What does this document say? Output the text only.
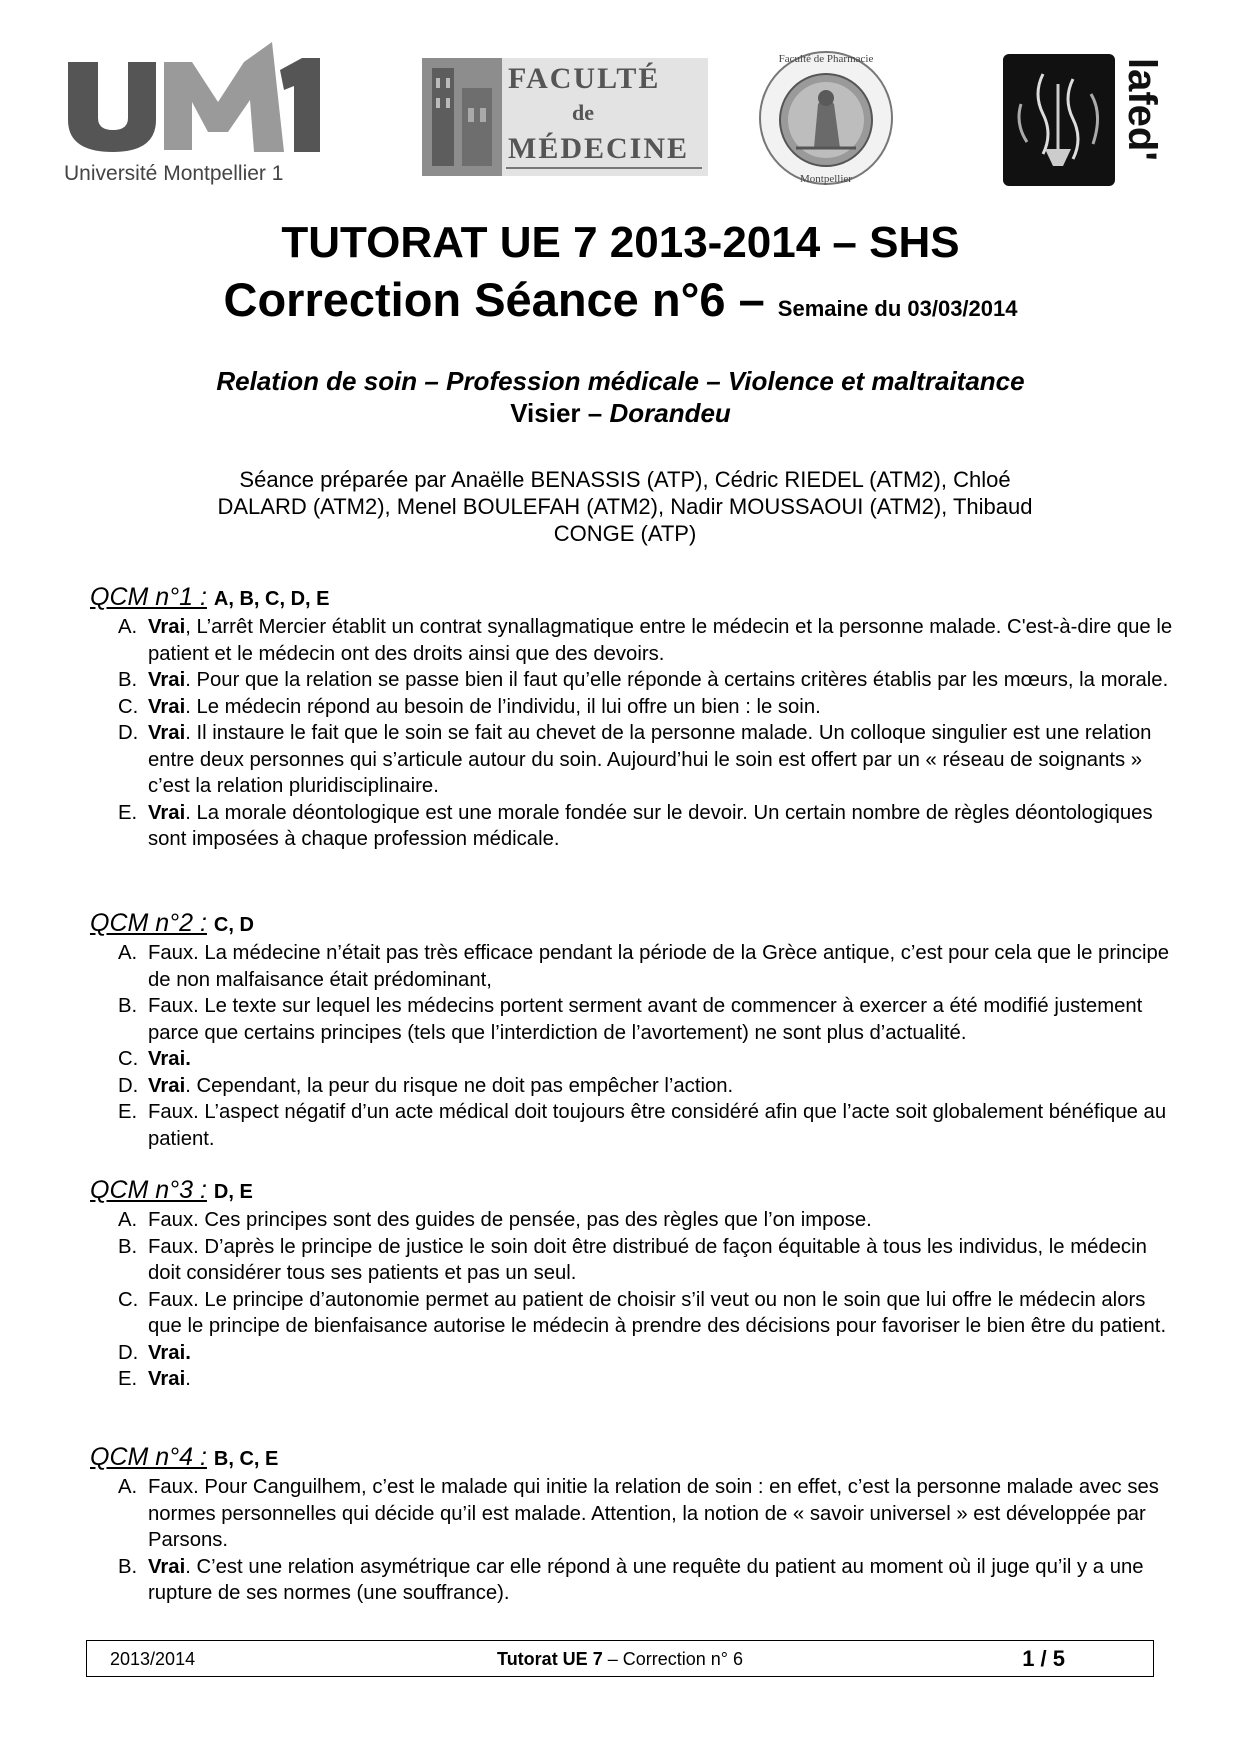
Université Montpellier 1
FACULTÉ
de
MÉDECINE
Faculté de Pharmacie
Montpellier
lafed'
TUTORAT UE 7 2013-2014 – SHS
Correction Séance n°6 – Semaine du 03/03/2014
Relation de soin – Profession médicale – Violence et maltraitance
Visier – Dorandeu
Séance préparée par Anaëlle BENASSIS (ATP), Cédric RIEDEL (ATM2), Chloé DALARD (ATM2), Menel BOULEFAH (ATM2), Nadir MOUSSAOUI (ATM2), Thibaud CONGE (ATP)
QCM n°1 : A, B, C, D, E
A. Vrai, L’arrêt Mercier établit un contrat synallagmatique entre le médecin et la personne malade. C'est-à-dire que le patient et le médecin ont des droits ainsi que des devoirs.
B. Vrai. Pour que la relation se passe bien il faut qu’elle réponde à certains critères établis par les mœurs, la morale.
C. Vrai. Le médecin répond au besoin de l’individu, il lui offre un bien : le soin.
D. Vrai. Il instaure le fait que le soin se fait au chevet de la personne malade. Un colloque singulier est une relation entre deux personnes qui s’articule autour du soin. Aujourd’hui le soin est offert par un « réseau de soignants » c’est la relation pluridisciplinaire.
E. Vrai. La morale déontologique est une morale fondée sur le devoir. Un certain nombre de règles déontologiques sont imposées à chaque profession médicale.
QCM n°2 : C, D
A. Faux. La médecine n’était pas très efficace pendant la période de la Grèce antique, c’est pour cela que le principe de non malfaisance était prédominant,
B. Faux. Le texte sur lequel les médecins portent serment avant de commencer à exercer a été modifié justement parce que certains principes (tels que l’interdiction de l’avortement) ne sont plus d’actualité.
C. Vrai.
D. Vrai. Cependant, la peur du risque ne doit pas empêcher l’action.
E. Faux. L’aspect négatif d’un acte médical doit toujours être considéré afin que l’acte soit globalement bénéfique au patient.
QCM n°3 : D, E
A. Faux. Ces principes sont des guides de pensée, pas des règles que l’on impose.
B. Faux. D’après le principe de justice le soin doit être distribué de façon équitable à tous les individus, le médecin doit considérer tous ses patients et pas un seul.
C. Faux. Le principe d’autonomie permet au patient de choisir s’il veut ou non le soin que lui offre le médecin alors que le principe de bienfaisance autorise le médecin à prendre des décisions pour favoriser le bien être du patient.
D. Vrai.
E. Vrai.
QCM n°4 : B, C, E
A. Faux. Pour Canguilhem, c’est le malade qui initie la relation de soin : en effet, c’est la personne malade avec ses normes personnelles qui décide qu’il est malade. Attention, la notion de « savoir universel » est développée par Parsons.
B. Vrai. C’est une relation asymétrique car elle répond à une requête du patient au moment où il juge qu’il y a une rupture de ses normes (une souffrance).
2013/2014	Tutorat UE 7 – Correction n° 6	1 / 5
